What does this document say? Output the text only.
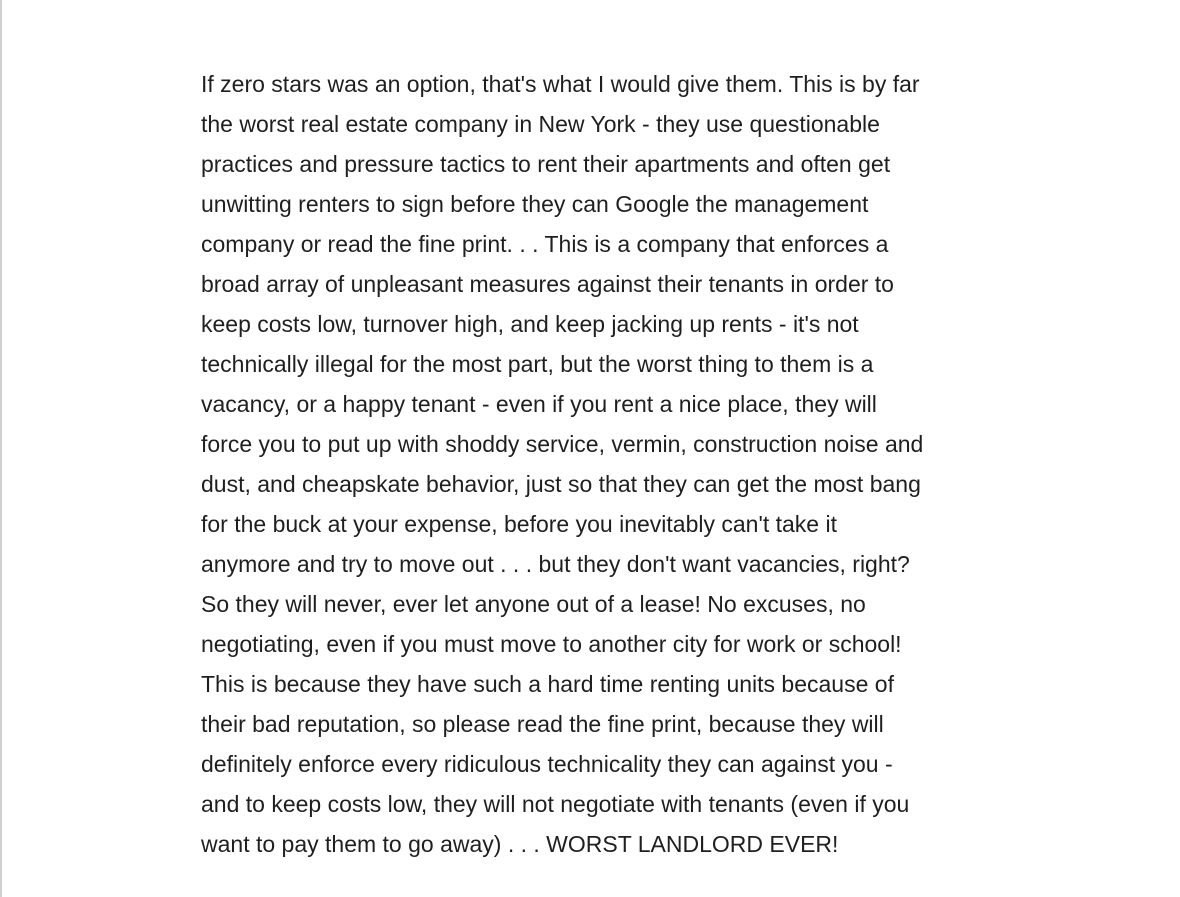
If zero stars was an option, that's what I would give them. This is by far
the worst real estate company in New York - they use questionable
practices and pressure tactics to rent their apartments and often get
unwitting renters to sign before they can Google the management
company or read the fine print. . . This is a company that enforces a
broad array of unpleasant measures against their tenants in order to
keep costs low, turnover high, and keep jacking up rents - it's not
technically illegal for the most part, but the worst thing to them is a
vacancy, or a happy tenant - even if you rent a nice place, they will
force you to put up with shoddy service, vermin, construction noise and
dust, and cheapskate behavior, just so that they can get the most bang
for the buck at your expense, before you inevitably can't take it
anymore and try to move out . . . but they don't want vacancies, right?
So they will never, ever let anyone out of a lease! No excuses, no
negotiating, even if you must move to another city for work or school!
This is because they have such a hard time renting units because of
their bad reputation, so please read the fine print, because they will
definitely enforce every ridiculous technicality they can against you -
and to keep costs low, they will not negotiate with tenants (even if you
want to pay them to go away) . . . WORST LANDLORD EVER!
